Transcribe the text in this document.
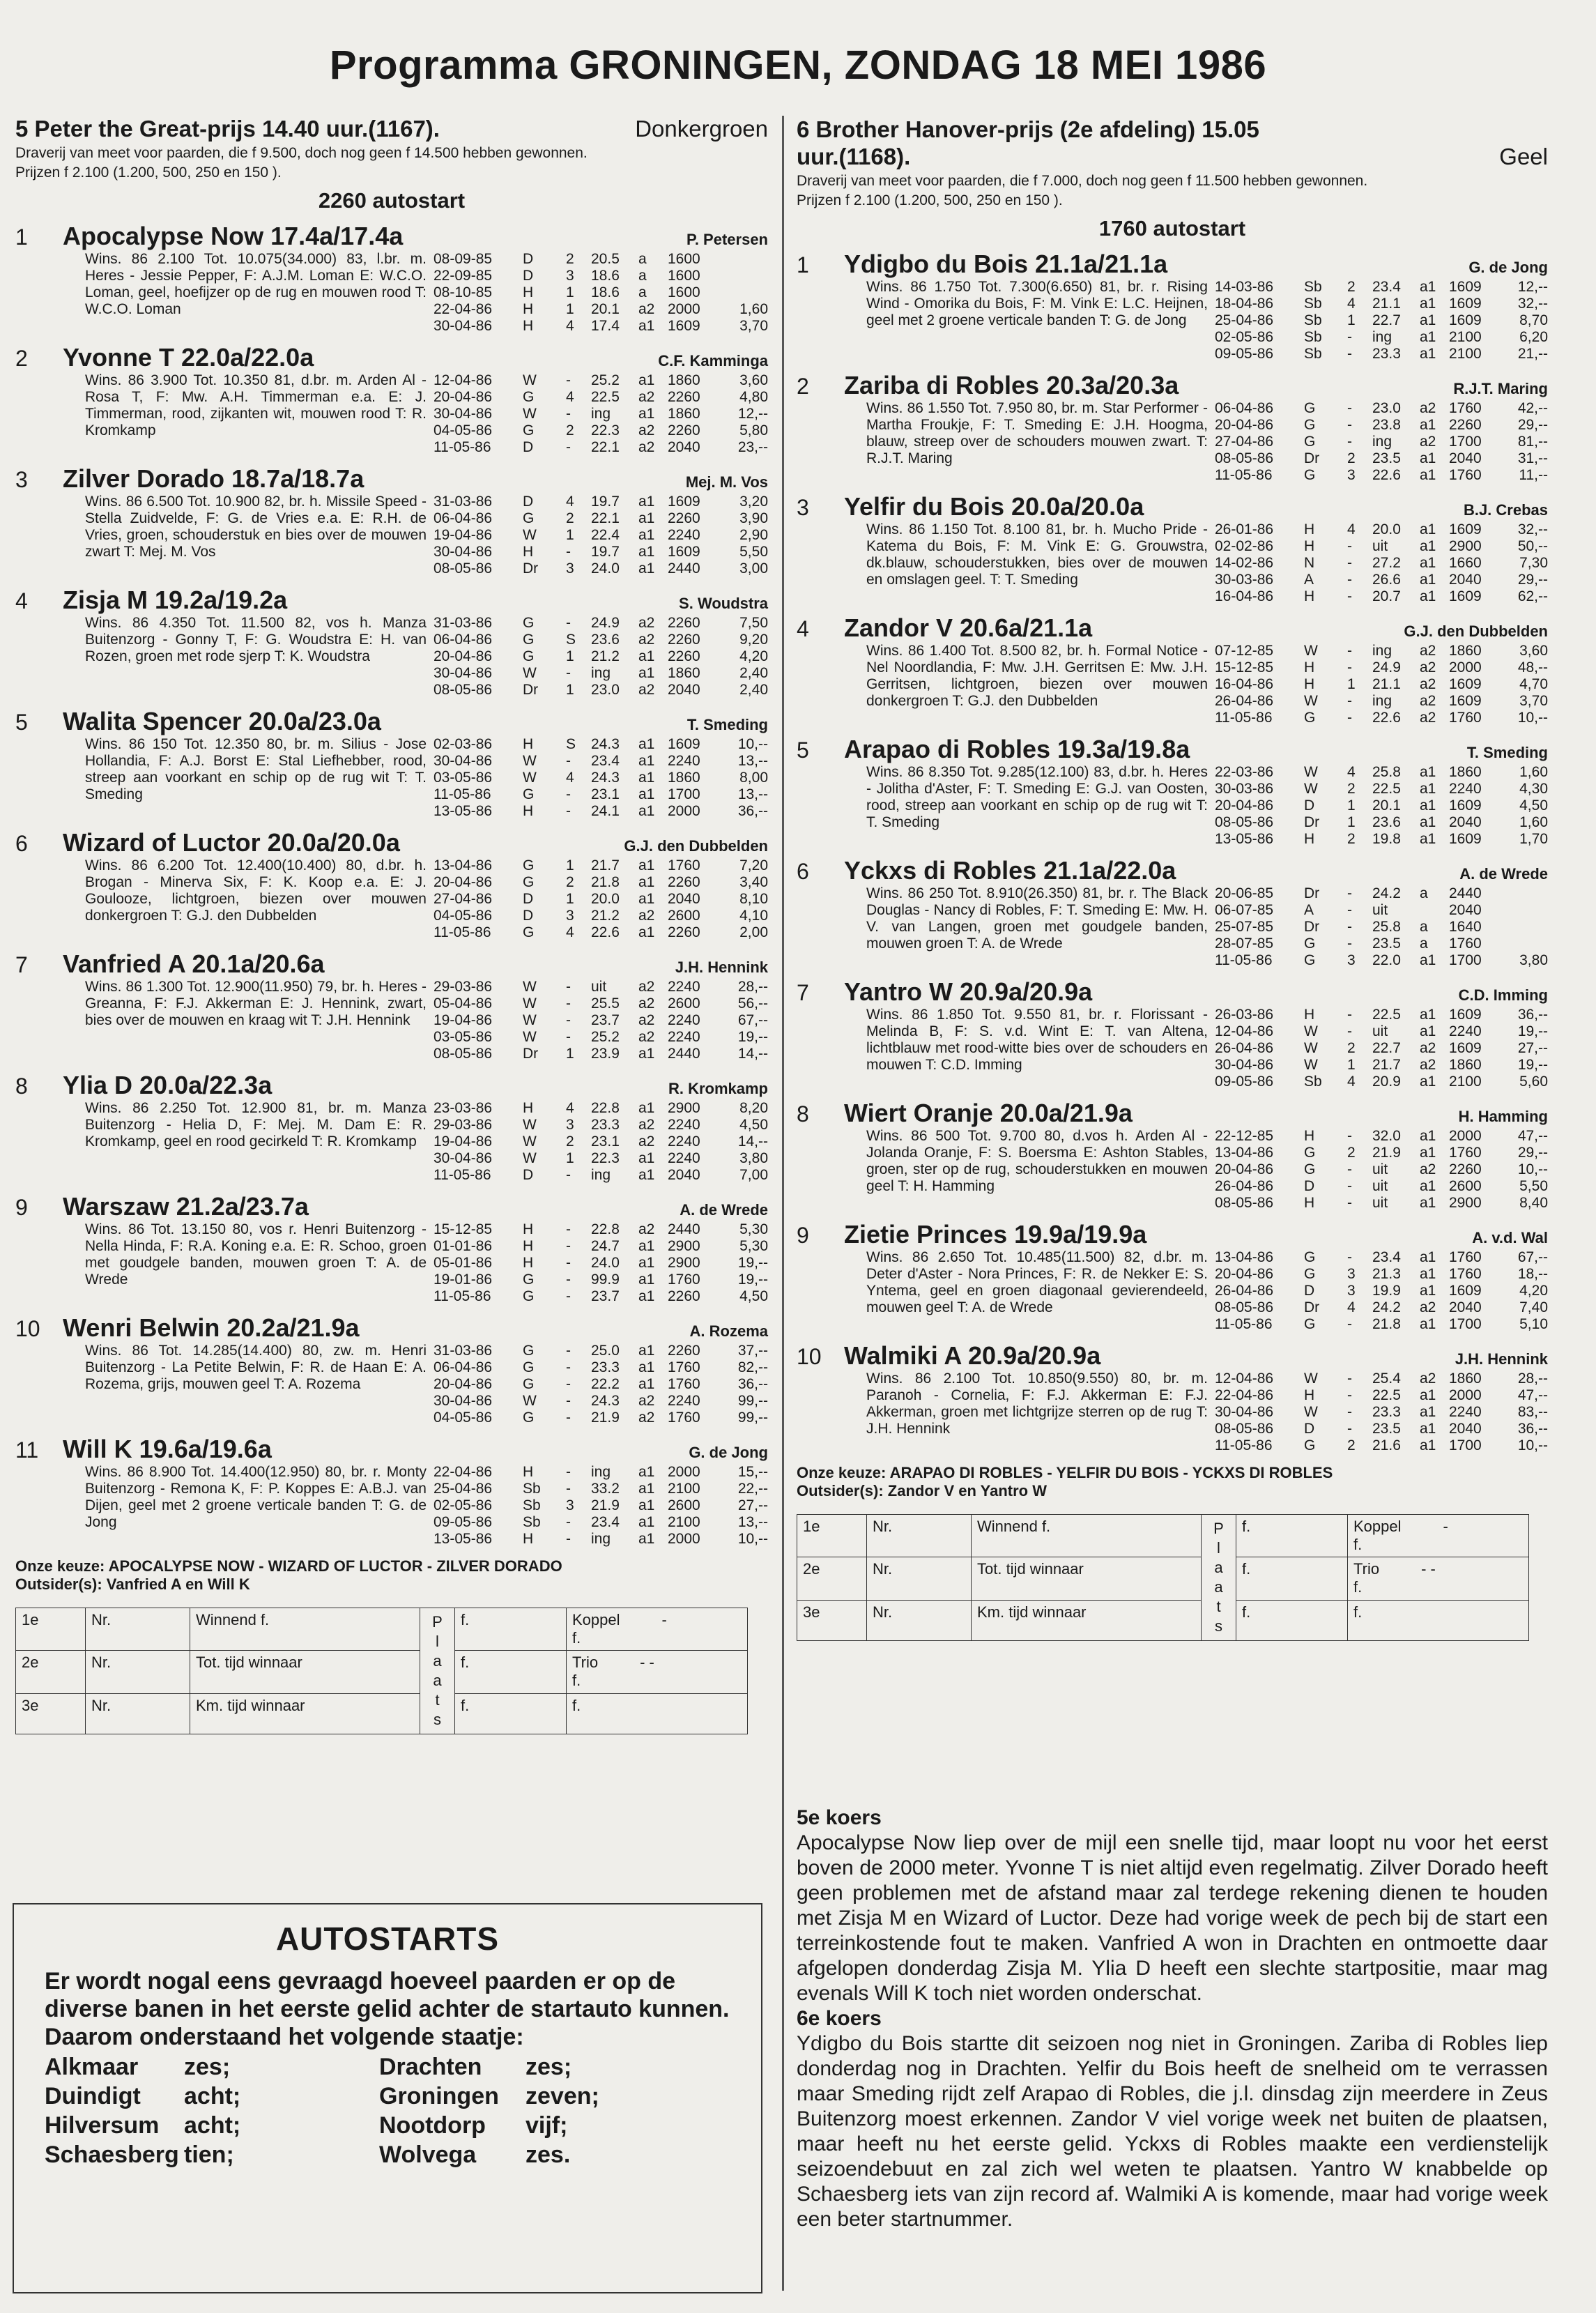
Programma GRONINGEN, ZONDAG 18 MEI 1986
5 Peter the Great-prijs 14.40 uur.(1167).	Donkergroen
Draverij van meet voor paarden, die f 9.500, doch nog geen f 14.500 hebben gewonnen.
Prijzen f 2.100 (1.200, 500, 250 en 150 ).
2260 autostart
1	Apocalypse Now 17.4a/17.4a	P. Petersen
Wins. 86 2.100 Tot. 10.075(34.000) 83, l.br. m. Heres - Jessie Pepper, F: A.J.M. Loman E: W.C.O. Loman, geel, hoefijzer op de rug en mouwen rood T: W.C.O. Loman
08-09-85	D	2	20.5	a	1600
22-09-85	D	3	18.6	a	1600
08-10-85	H	1	18.6	a	1600
22-04-86	H	1	20.1	a2 2000	1,60
30-04-86	H	4	17.4	a1 1609	3,70
2	Yvonne T 22.0a/22.0a	C.F. Kamminga
Wins. 86 3.900 Tot. 10.350 81, d.br. m. Arden Al - Rosa T, F: Mw. A.H. Timmerman e.a. E: J. Timmerman, rood, zijkanten wit, mouwen rood T: R. Kromkamp
12-04-86	W	-	25.2	a1 1860	3,60
20-04-86	G	4	22.5	a2 2260	4,80
30-04-86	W	-	ing	a1 1860	12,--
04-05-86	G	2	22.3	a2 2260	5,80
11-05-86	D	-	22.1	a2 2040	23,--
3	Zilver Dorado 18.7a/18.7a	Mej. M. Vos
Wins. 86 6.500 Tot. 10.900 82, br. h. Missile Speed - Stella Zuidvelde, F: G. de Vries e.a. E: R.H. de Vries, groen, schouderstuk en bies over de mouwen zwart T: Mej. M. Vos
31-03-86	D	4	19.7	a1 1609	3,20
06-04-86	G	2	22.1	a1 2260	3,90
19-04-86	W	1	22.4	a1 2240	2,90
30-04-86	H	-	19.7	a1 1609	5,50
08-05-86	Dr	3	24.0	a1 2440	3,00
4	Zisja M 19.2a/19.2a	S. Woudstra
Wins. 86 4.350 Tot. 11.500 82, vos h. Manza Buitenzorg - Gonny T, F: G. Woudstra E: H. van Rozen, groen met rode sjerp T: K. Woudstra
31-03-86	G	-	24.9	a2 2260	7,50
06-04-86	G	S	23.6	a2 2260	9,20
20-04-86	G	1	21.2	a1 2260	4,20
30-04-86	W	-	ing	a1 1860	2,40
08-05-86	Dr	1	23.0	a2 2040	2,40
5	Walita Spencer 20.0a/23.0a	T. Smeding
Wins. 86 150 Tot. 12.350 80, br. m. Silius - Jose Hollandia, F: A.J. Borst E: Stal Liefhebber, rood, streep aan voorkant en schip op de rug wit T: T. Smeding
02-03-86	H	S	24.3	a1 1609	10,--
30-04-86	W	-	23.4	a1 2240	13,--
03-05-86	W	4	24.3	a1 1860	8,00
11-05-86	G	-	23.1	a1 1700	13,--
13-05-86	H	-	24.1	a1 2000	36,--
6	Wizard of Luctor 20.0a/20.0a	G.J. den Dubbelden
Wins. 86 6.200 Tot. 12.400(10.400) 80, d.br. h. Brogan - Minerva Six, F: K. Koop e.a. E: J. Goulooze, lichtgroen, biezen over mouwen donkergroen T: G.J. den Dubbelden
13-04-86	G	1	21.7	a1 1760	7,20
20-04-86	G	2	21.8	a1 2260	3,40
27-04-86	D	1	20.0	a1 2040	8,10
04-05-86	D	3	21.2	a2 2600	4,10
11-05-86	G	4	22.6	a1 2260	2,00
7	Vanfried A 20.1a/20.6a	J.H. Hennink
Wins. 86 1.300 Tot. 12.900(11.950) 79, br. h. Heres - Greanna, F: F.J. Akkerman E: J. Hennink, zwart, bies over de mouwen en kraag wit T: J.H. Hennink
29-03-86	W	-	uit	a2 2240	28,--
05-04-86	W	-	25.5	a2 2600	56,--
19-04-86	W	-	23.7	a2 2240	67,--
03-05-86	W	-	25.2	a2 2240	19,--
08-05-86	Dr	1	23.9	a1 2440	14,--
8	Ylia D 20.0a/22.3a	R. Kromkamp
Wins. 86 2.250 Tot. 12.900 81, br. m. Manza Buitenzorg - Helia D, F: Mej. M. Dam E: R. Kromkamp, geel en rood gecirkeld T: R. Kromkamp
23-03-86	H	4	22.8	a1 2900	8,20
29-03-86	W	3	23.3	a2 2240	4,50
19-04-86	W	2	23.1	a2 2240	14,--
30-04-86	W	1	22.3	a1 2240	3,80
11-05-86	D	-	ing	a1 2040	7,00
9	Warszaw 21.2a/23.7a	A. de Wrede
Wins. 86 Tot. 13.150 80, vos r. Henri Buitenzorg - Nella Hinda, F: R.A. Koning e.a. E: R. Schoo, groen met goudgele banden, mouwen groen T: A. de Wrede
15-12-85	H	-	22.8	a2 2440	5,30
01-01-86	H	-	24.7	a1 2900	5,30
05-01-86	H	-	24.0	a1 2900	19,--
19-01-86	G	-	99.9	a1 1760	19,--
11-05-86	G	-	23.7	a1 2260	4,50
10 Wenri Belwin 20.2a/21.9a	A. Rozema
Wins. 86 Tot. 14.285(14.400) 80, zw. m. Henri Buitenzorg - La Petite Belwin, F: R. de Haan E: A. Rozema, grijs, mouwen geel T: A. Rozema
31-03-86	G	-	25.0	a1 2260	37,--
06-04-86	G	-	23.3	a1 1760	82,--
20-04-86	G	-	22.2	a1 1760	36,--
30-04-86	W	-	24.3	a2 2240	99,--
04-05-86	G	-	21.9	a2 1760	99,--
11 Will K 19.6a/19.6a	G. de Jong
Wins. 86 8.900 Tot. 14.400(12.950) 80, br. r. Monty Buitenzorg - Remona K, F: P. Koppes E: A.B.J. van Dijen, geel met 2 groene verticale banden T: G. de Jong
22-04-86	H	-	ing	a1 2000	15,--
25-04-86	Sb	-	33.2	a1 2100	22,--
02-05-86	Sb	3	21.9	a1 2600	27,--
09-05-86	Sb	-	23.4	a1 2100	13,--
13-05-86	H	-	ing	a1 2000	10,--
Onze keuze: APOCALYPSE NOW - WIZARD OF LUCTOR - ZILVER DORADO
Outsider(s): Vanfried A en Will K
1e	Nr.	Winnend f.	P l a a t s	f.	Koppel -
f.

2e	Nr.	Tot. tijd winnaar		f.	Trio - -
f.

3e	Nr.	Km. tijd winnaar		f.	f.
6 Brother Hanover-prijs (2e afdeling) 15.05
uur.(1168).	Geel
Draverij van meet voor paarden, die f 7.000, doch nog geen f 11.500 hebben gewonnen.
Prijzen f 2.100 (1.200, 500, 250 en 150 ).
1760 autostart
1	Ydigbo du Bois 21.1a/21.1a	G. de Jong
Wins. 86 1.750 Tot. 7.300(6.650) 81, br. r. Rising Wind - Omorika du Bois, F: M. Vink E: L.C. Heijnen, geel met 2 groene verticale banden T: G. de Jong
14-03-86	Sb	2	23.4	a1 1609	12,--
18-04-86	Sb	4	21.1	a1 1609	32,--
25-04-86	Sb	1	22.7	a1 1609	8,70
02-05-86	Sb	-	ing	a1 2100	6,20
09-05-86	Sb	-	23.3	a1 2100	21,--
2	Zariba di Robles 20.3a/20.3a	R.J.T. Maring
Wins. 86 1.550 Tot. 7.950 80, br. m. Star Performer - Martha Froukje, F: T. Smeding E: J.H. Hoogma, blauw, streep over de schouders mouwen zwart. T: R.J.T. Maring
06-04-86	G	-	23.0	a2 1760	42,--
20-04-86	G	-	23.8	a1 2260	29,--
27-04-86	G	-	ing	a2 1700	81,--
08-05-86	Dr	2	23.5	a1 2040	31,--
11-05-86	G	3	22.6	a1 1760	11,--
3	Yelfir du Bois 20.0a/20.0a	B.J. Crebas
Wins. 86 1.150 Tot. 8.100 81, br. h. Mucho Pride - Katema du Bois, F: M. Vink E: G. Grouwstra, dk.blauw, schouderstukken, bies over de mouwen en omslagen geel. T: T. Smeding
26-01-86	H	4	20.0	a1 1609	32,--
02-02-86	H	-	uit	a1 2900	50,--
14-02-86	N	-	27.2	a1 1660	7,30
30-03-86	A	-	26.6	a1 2040	29,--
16-04-86	H	-	20.7	a1 1609	62,--
4	Zandor V 20.6a/21.1a	G.J. den Dubbelden
Wins. 86 1.400 Tot. 8.500 82, br. h. Formal Notice - Nel Noordlandia, F: Mw. J.H. Gerritsen E: Mw. J.H. Gerritsen, lichtgroen, biezen over mouwen donkergroen T: G.J. den Dubbelden
07-12-85	W	-	ing	a2 1860	3,60
15-12-85	H	-	24.9	a2 2000	48,--
16-04-86	H	1	21.1	a2 1609	4,70
26-04-86	W	-	ing	a2 1609	3,70
11-05-86	G	-	22.6	a2 1760	10,--
5	Arapao di Robles 19.3a/19.8a	T. Smeding
Wins. 86 8.350 Tot. 9.285(12.100) 83, d.br. h. Heres - Jolitha d'Aster, F: T. Smeding E: G.J. van Oosten, rood, streep aan voorkant en schip op de rug wit T: T. Smeding
22-03-86	W	4	25.8	a1 1860	1,60
30-03-86	W	2	22.5	a1 2240	4,30
20-04-86	D	1	20.1	a1 1609	4,50
08-05-86	Dr	1	23.6	a1 2040	1,60
13-05-86	H	2	19.8	a1 1609	1,70
6	Yckxs di Robles 21.1a/22.0a	A. de Wrede
Wins. 86 250 Tot. 8.910(26.350) 81, br. r. The Black Douglas - Nancy di Robles, F: T. Smeding E: Mw. H. V. van Langen, groen met goudgele banden, mouwen groen T: A. de Wrede
20-06-85	Dr	-	24.2	a	2440
06-07-85	A	-	uit	2040
25-07-85	Dr	-	25.8	a	1640
28-07-85	G	-	23.5	a	1760
11-05-86	G	3	22.0	a1 1700	3,80
7	Yantro W 20.9a/20.9a	C.D. Imming
Wins. 86 1.850 Tot. 9.550 81, br. r. Florissant - Melinda B, F: S. v.d. Wint E: T. van Altena, lichtblauw met rood-witte bies over de schouders en mouwen T: C.D. Imming
26-03-86	H	-	22.5	a1 1609	36,--
12-04-86	W	-	uit	a1 2240	19,--
26-04-86	W	2	22.7	a2 1609	27,--
30-04-86	W	1	21.7	a2 1860	19,--
09-05-86	Sb	4	20.9	a1 2100	5,60
8	Wiert Oranje 20.0a/21.9a	H. Hamming
Wins. 86 500 Tot. 9.700 80, d.vos h. Arden Al - Jolanda Oranje, F: S. Boersma E: Ashton Stables, groen, ster op de rug, schouderstukken en mouwen geel T: H. Hamming
22-12-85	H	-	32.0	a1 2000	47,--
13-04-86	G	2	21.9	a1 1760	29,--
20-04-86	G	-	uit	a2 2260	10,--
26-04-86	D	-	uit	a1 2600	5,50
08-05-86	H	-	uit	a1 2900	8,40
9	Zietie Princes 19.9a/19.9a	A. v.d. Wal
Wins. 86 2.650 Tot. 10.485(11.500) 82, d.br. m. Deter d'Aster - Nora Princes, F: R. de Nekker E: S. Yntema, geel en groen diagonaal gevierendeeld, mouwen geel T: A. de Wrede
13-04-86	G	-	23.4	a1 1760	67,--
20-04-86	G	3	21.3	a1 1760	18,--
26-04-86	D	3	19.9	a1 1609	4,20
08-05-86	Dr	4	24.2	a2 2040	7,40
11-05-86	G	-	21.8	a1 1700	5,10
10 Walmiki A 20.9a/20.9a	J.H. Hennink
Wins. 86 2.100 Tot. 10.850(9.550) 80, br. m. Paranoh - Cornelia, F: F.J. Akkerman E: F.J. Akkerman, groen met lichtgrijze sterren op de rug T: J.H. Hennink
12-04-86	W	-	25.4	a2 1860	28,--
22-04-86	H	-	22.5	a1 2000	47,--
30-04-86	W	-	23.3	a1 2240	83,--
08-05-86	D	-	23.5	a1 2040	36,--
11-05-86	G	2	21.6	a1 1700	10,--
Onze keuze: ARAPAO DI ROBLES - YELFIR DU BOIS - YCKXS DI ROBLES
Outsider(s): Zandor V en Yantro W
1e	Nr.	Winnend f.	P l a a t s	f.	Koppel -
f.

2e	Nr.	Tot. tijd winnaar		f.	Trio - -
f.

3e	Nr.	Km. tijd winnaar		f.	f.
AUTOSTARTS
Er wordt nogal eens gevraagd hoeveel paarden er op de diverse banen in het eerste gelid achter de startauto kunnen. Daarom onderstaand het volgende staatje:
Alkmaar	zes;	Drachten	zes;
Duindigt	acht;	Groningen	zeven;
Hilversum	acht;	Nootdorp	vijf;
Schaesberg tien;	Wolvega	zes.
5e koers

Apocalypse Now liep over de mijl een snelle tijd, maar loopt nu voor het eerst boven de 2000 meter. Yvonne T is niet altijd even regelmatig. Zilver Dorado heeft geen problemen met de afstand maar zal terdege rekening dienen te houden met Zisja M en Wizard of Luctor. Deze had vorige week de pech bij de start een terreinkostende fout te maken. Vanfried A won in Drachten en ontmoette daar afgelopen donderdag Zisja M. Ylia D heeft een slechte startpositie, maar mag evenals Will K toch niet worden onderschat.

6e koers

Ydigbo du Bois startte dit seizoen nog niet in Groningen. Zariba di Robles liep donderdag nog in Drachten. Yelfir du Bois heeft de snelheid om te verrassen maar Smeding rijdt zelf Arapao di Robles, die j.l. dinsdag zijn meerdere in Zeus Buitenzorg moest erkennen. Zandor V viel vorige week net buiten de plaatsen, maar heeft nu het eerste gelid. Yckxs di Robles maakte een verdienstelijk seizoendebuut en zal zich wel weten te plaatsen. Yantro W knabbelde op Schaesberg iets van zijn record af. Walmiki A is komende, maar had vorige week een beter startnummer.
